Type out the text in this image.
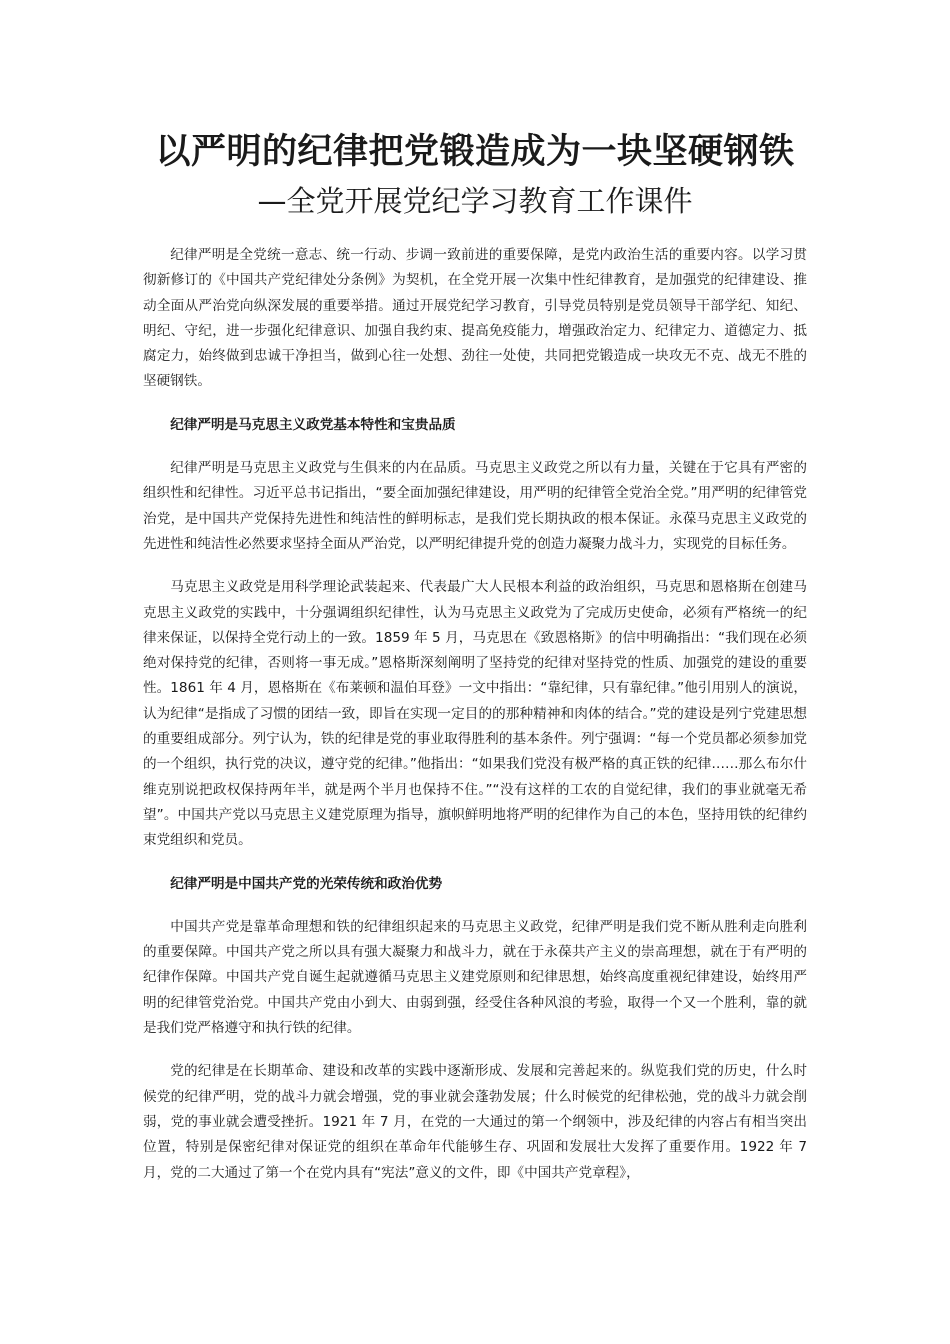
以严明的纪律把党锻造成为一块坚硬钢铁
—全党开展党纪学习教育工作课件

纪律严明是全党统一意志、统一行动、步调一致前进的重要保障，是党内政治生活的重要内容。以学习贯彻新修订的《中国共产党纪律处分条例》为契机，在全党开展一次集中性纪律教育，是加强党的纪律建设、推动全面从严治党向纵深发展的重要举措。通过开展党纪学习教育，引导党员特别是党员领导干部学纪、知纪、明纪、守纪，进一步强化纪律意识、加强自我约束、提高免疫能力，增强政治定力、纪律定力、道德定力、抵腐定力，始终做到忠诚干净担当，做到心往一处想、劲往一处使，共同把党锻造成一块攻无不克、战无不胜的坚硬钢铁。

纪律严明是马克思主义政党基本特性和宝贵品质

纪律严明是马克思主义政党与生俱来的内在品质。马克思主义政党之所以有力量，关键在于它具有严密的组织性和纪律性。习近平总书记指出，“要全面加强纪律建设，用严明的纪律管全党治全党。”用严明的纪律管党治党，是中国共产党保持先进性和纯洁性的鲜明标志，是我们党长期执政的根本保证。永葆马克思主义政党的先进性和纯洁性必然要求坚持全面从严治党，以严明纪律提升党的创造力凝聚力战斗力，实现党的目标任务。

马克思主义政党是用科学理论武装起来、代表最广大人民根本利益的政治组织，马克思和恩格斯在创建马克思主义政党的实践中，十分强调组织纪律性，认为马克思主义政党为了完成历史使命，必须有严格统一的纪律来保证，以保持全党行动上的一致。1859 年 5 月，马克思在《致恩格斯》的信中明确指出：“我们现在必须绝对保持党的纪律，否则将一事无成。”恩格斯深刻阐明了坚持党的纪律对坚持党的性质、加强党的建设的重要性。1861 年 4 月，恩格斯在《布莱顿和温伯耳登》一文中指出：“靠纪律，只有靠纪律。”他引用别人的演说，认为纪律“是指成了习惯的团结一致，即旨在实现一定目的的那种精神和肉体的结合。”党的建设是列宁党建思想的重要组成部分。列宁认为，铁的纪律是党的事业取得胜利的基本条件。列宁强调：“每一个党员都必须参加党的一个组织，执行党的决议，遵守党的纪律。”他指出：“如果我们党没有极严格的真正铁的纪律……那么布尔什维克别说把政权保持两年半，就是两个半月也保持不住。”“没有这样的工农的自觉纪律，我们的事业就毫无希望”。中国共产党以马克思主义建党原理为指导，旗帜鲜明地将严明的纪律作为自己的本色，坚持用铁的纪律约束党组织和党员。

纪律严明是中国共产党的光荣传统和政治优势

中国共产党是靠革命理想和铁的纪律组织起来的马克思主义政党，纪律严明是我们党不断从胜利走向胜利的重要保障。中国共产党之所以具有强大凝聚力和战斗力，就在于永葆共产主义的崇高理想，就在于有严明的纪律作保障。中国共产党自诞生起就遵循马克思主义建党原则和纪律思想，始终高度重视纪律建设，始终用严明的纪律管党治党。中国共产党由小到大、由弱到强，经受住各种风浪的考验，取得一个又一个胜利，靠的就是我们党严格遵守和执行铁的纪律。

党的纪律是在长期革命、建设和改革的实践中逐渐形成、发展和完善起来的。纵览我们党的历史，什么时候党的纪律严明，党的战斗力就会增强，党的事业就会蓬勃发展；什么时候党的纪律松弛，党的战斗力就会削弱，党的事业就会遭受挫折。1921 年 7 月，在党的一大通过的第一个纲领中，涉及纪律的内容占有相当突出位置，特别是保密纪律对保证党的组织在革命年代能够生存、巩固和发展壮大发挥了重要作用。1922 年 7 月，党的二大通过了第一个在党内具有“宪法”意义的文件，即《中国共产党章程》，
